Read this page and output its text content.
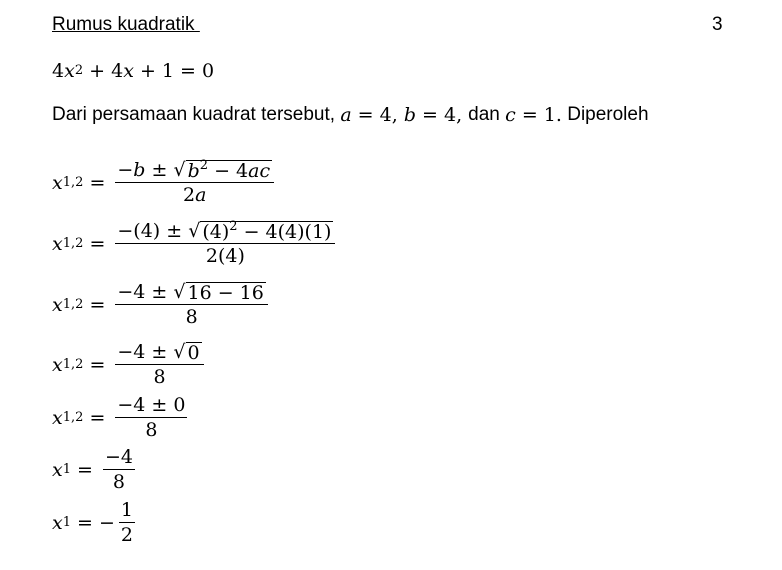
Rumus kuadratik	3
4 x 2 + 4 x + 1 = 0
Dari persamaan kuadrat tersebut, a = 4, b = 4, dan c = 1. Diperoleh
x $1,2 = \frac{-b \pm √ b^2 - 4ac}{2a}$
x $1,2 = \frac{-(4) \pm √ (4)^2 - 4(4)(1)}{2(4)}$
x $1,2 = \frac{-4 \pm √ 16 - 16}{8}$
x $1,2 = \frac{-4 \pm √ 0}{8}$
x $1,2 = \frac{-4 \pm 0}{8}$
x $1 = \frac{-4}{8}$
x 1 = − $\frac{1}{2}$
